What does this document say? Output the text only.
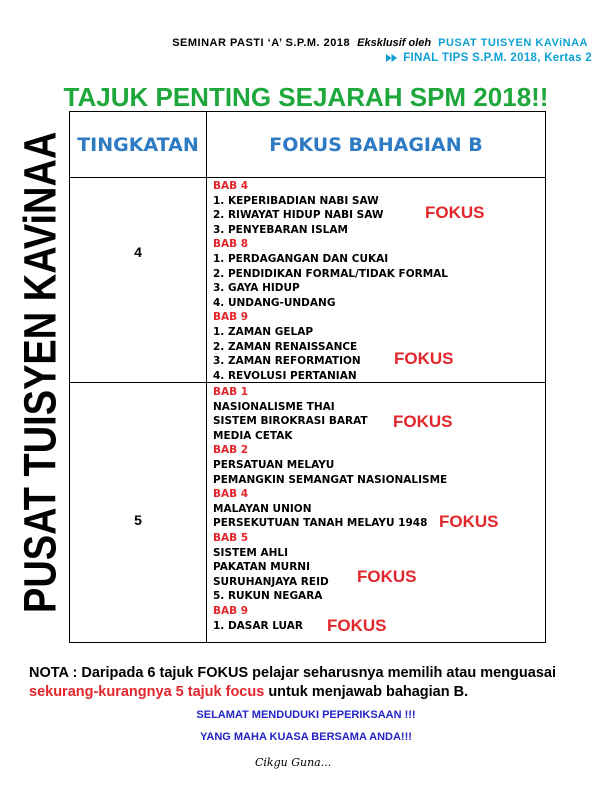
SEMINAR PASTI ‘A’ S.P.M. 2018 Eksklusif oleh PUSAT TUISYEN KAViNAA
FINAL TIPS S.P.M. 2018, Kertas 2
TAJUK PENTING SEJARAH SPM 2018!!
PUSAT TUISYEN KAViNAA TINGKATAN	FOKUS BAHAGIAN B
4
BAB 4
1. KEPERIBADIAN NABI SAW
2. RIWAYAT HIDUP NABI SAW FOKUS
3. PENYEBARAN ISLAM
BAB 8
1. PERDAGANGAN DAN CUKAI
2. PENDIDIKAN FORMAL/TIDAK FORMAL
3. GAYA HIDUP
4. UNDANG-UNDANG
BAB 9
1. ZAMAN GELAP
2. ZAMAN RENAISSANCE
3. ZAMAN REFORMATION FOKUS
4. REVOLUSI PERTANIAN
5
BAB 1
NASIONALISME THAI
SISTEM BIROKRASI BARAT FOKUS
MEDIA CETAK
BAB 2
PERSATUAN MELAYU
PEMANGKIN SEMANGAT NASIONALISME
BAB 4
MALAYAN UNION
PERSEKUTUAN TANAH MELAYU 1948 FOKUS
BAB 5
SISTEM AHLI
PAKATAN MURNI
SURUHANJAYA REID FOKUS
5. RUKUN NEGARA
BAB 9
1. DASAR LUAR FOKUS
NOTA : Daripada 6 tajuk FOKUS pelajar seharusnya memilih atau menguasai
sekurang-kurangnya 5 tajuk focus untuk menjawab bahagian B.
SELAMAT MENDUDUKI PEPERIKSAAN !!!
YANG MAHA KUASA BERSAMA ANDA!!!
Cikgu Guna...
